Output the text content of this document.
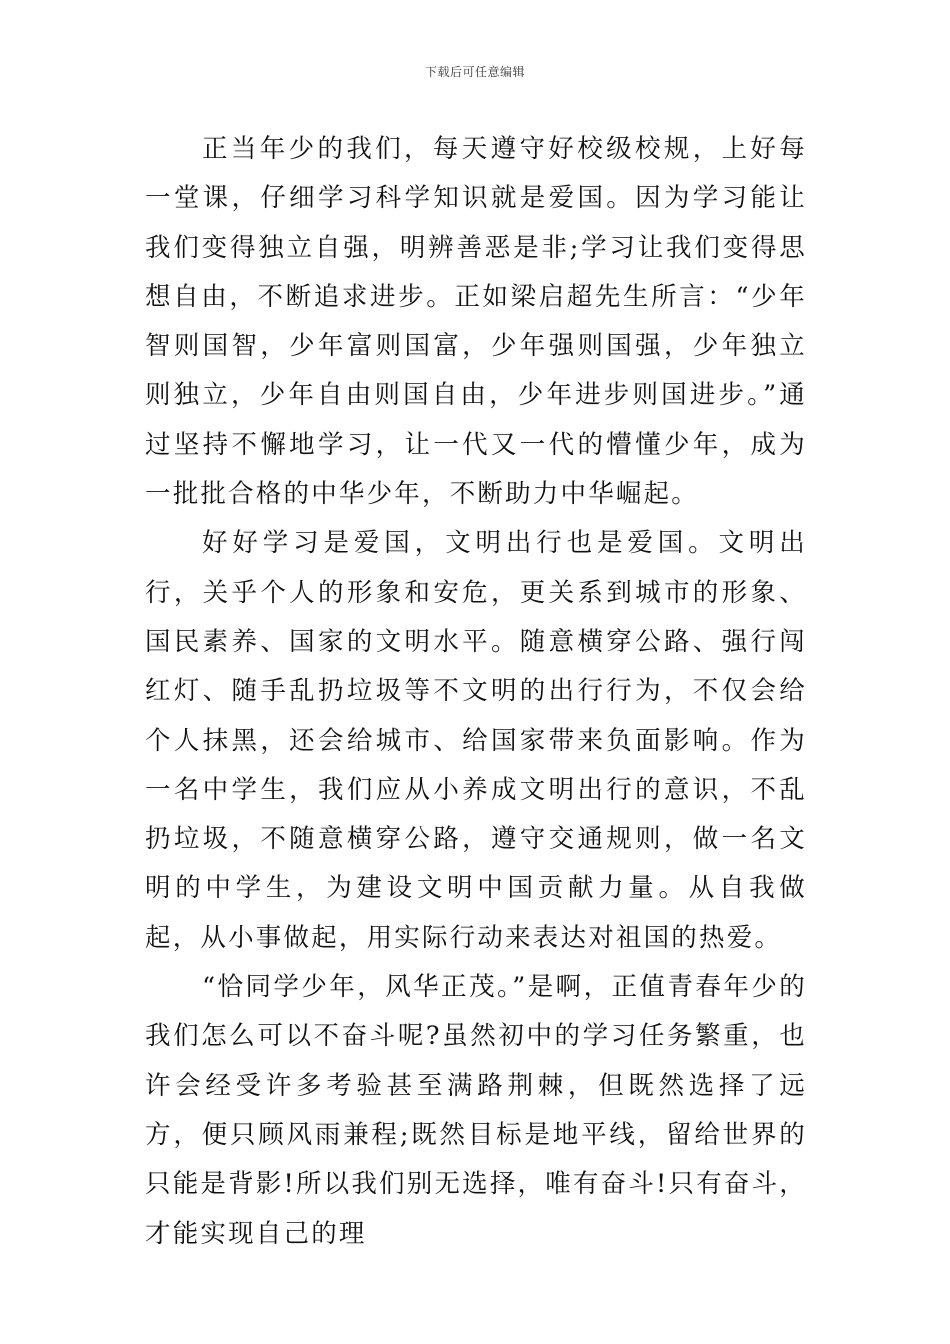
下载后可任意编辑

正当年少的我们，每天遵守好校级校规，上好每一堂课，仔细学习科学知识就是爱国。因为学习能让我们变得独立自强，明辨善恶是非;学习让我们变得思想自由，不断追求进步。正如梁启超先生所言：“少年智则国智，少年富则国富，少年强则国强，少年独立则独立，少年自由则国自由，少年进步则国进步。”通过坚持不懈地学习，让一代又一代的懵懂少年，成为一批批合格的中华少年，不断助力中华崛起。

好好学习是爱国，文明出行也是爱国。文明出行，关乎个人的形象和安危，更关系到城市的形象、国民素养、国家的文明水平。随意横穿公路、强行闯红灯、随手乱扔垃圾等不文明的出行行为，不仅会给个人抹黑，还会给城市、给国家带来负面影响。作为一名中学生，我们应从小养成文明出行的意识，不乱扔垃圾，不随意横穿公路，遵守交通规则，做一名文明的中学生，为建设文明中国贡献力量。从自我做起，从小事做起，用实际行动来表达对祖国的热爱。

“恰同学少年，风华正茂。”是啊，正值青春年少的我们怎么可以不奋斗呢?虽然初中的学习任务繁重，也许会经受许多考验甚至满路荆棘，但既然选择了远方，便只顾风雨兼程;既然目标是地平线，留给世界的只能是背影!所以我们别无选择，唯有奋斗!只有奋斗，才能实现自己的理
